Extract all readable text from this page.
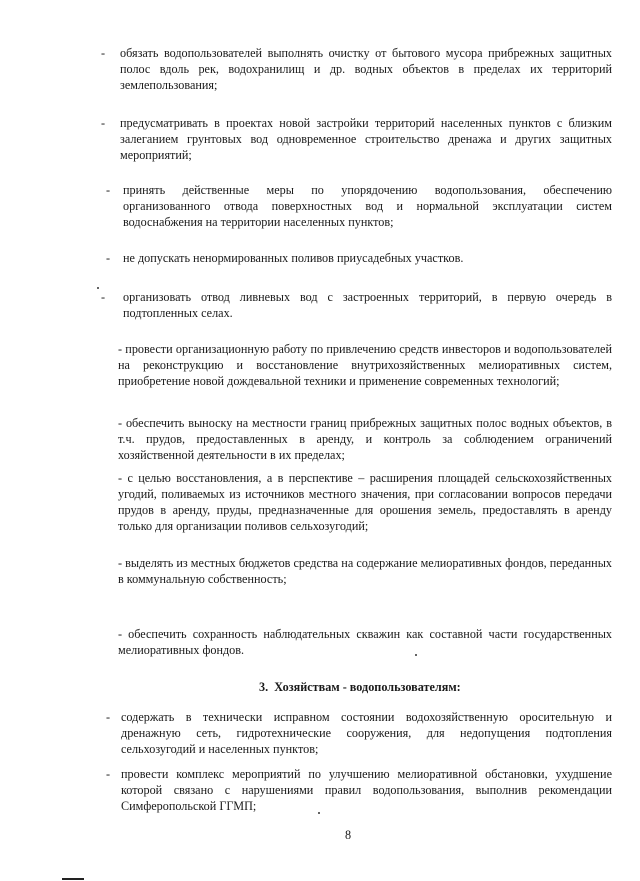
- обязать водопользователей выполнять очистку от бытового мусора прибрежных защитных полос вдоль рек, водохранилищ и др. водных объектов в пределах их территорий землепользования;

- предусматривать в проектах новой застройки территорий населенных пунктов с близким залеганием грунтовых вод одновременное строительство дренажа и других защитных мероприятий;

- принять действенные меры по упорядочению водопользования, обеспечению организованного отвода поверхностных вод и нормальной эксплуатации систем водоснабжения на территории населенных пунктов;

- не допускать ненормированных поливов приусадебных участков.

- организовать отвод ливневых вод с застроенных территорий, в первую очередь в подтопленных селах.

- провести организационную работу по привлечению средств инвесторов и водопользователей на реконструкцию и восстановление внутрихозяйственных мелиоративных систем, приобретение новой дождевальной техники и применение современных технологий;

- обеспечить выноску на местности границ прибрежных защитных полос водных объектов, в т.ч. прудов, предоставленных в аренду, и контроль за соблюдением ограничений хозяйственной деятельности в их пределах;

- с целью восстановления, а в перспективе – расширения площадей сельскохозяйственных угодий, поливаемых из источников местного значения, при согласовании вопросов передачи прудов в аренду, пруды, предназначенные для орошения земель, предоставлять в аренду только для организации поливов сельхозугодий;

- выделять из местных бюджетов средства на содержание мелиоративных фондов, переданных в коммунальную собственность;

- обеспечить сохранность наблюдательных скважин как составной части государственных мелиоративных фондов.

3. Хозяйствам - водопользователям:
- содержать в технически исправном состоянии водохозяйственную оросительную и дренажную сеть, гидротехнические сооружения, для недопущения подтопления сельхозугодий и населенных пунктов;

- провести комплекс мероприятий по улучшению мелиоративной обстановки, ухудшение которой связано с нарушениями правил водопользования, выполнив рекомендации Симферопольской ГГМП;

8
